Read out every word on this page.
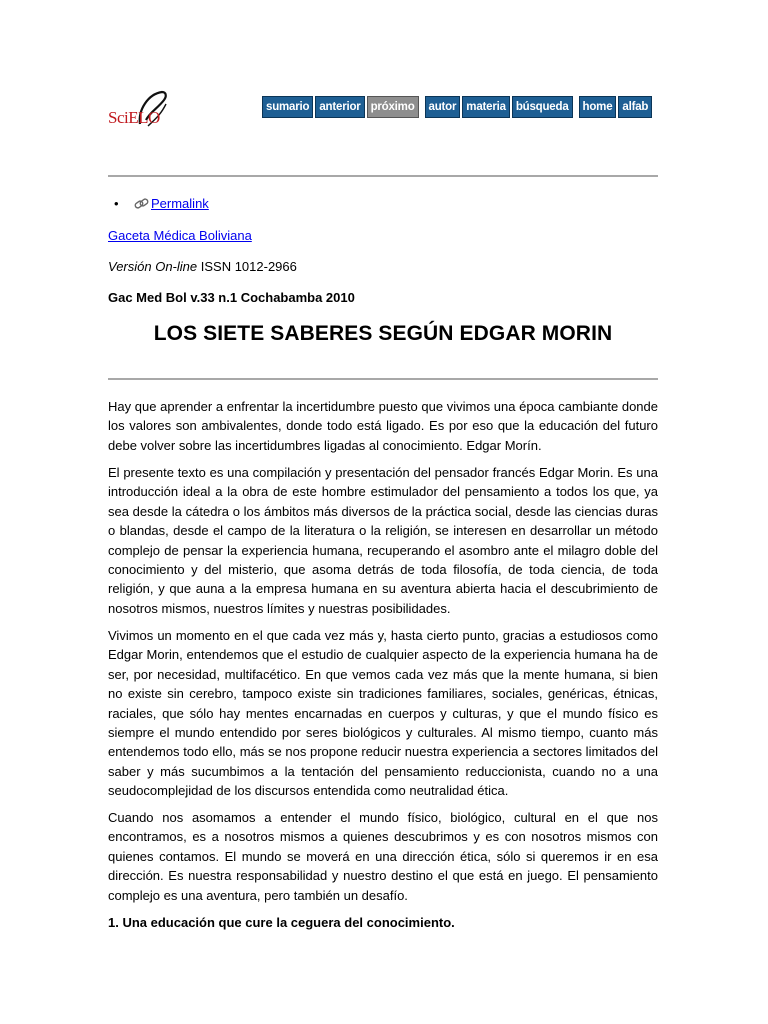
SciELO
sumario anterior próximo	autor materia búsqueda	home alfab
• Permalink
Gaceta Médica Boliviana
Versión On-line ISSN 1012-2966
Gac Med Bol v.33 n.1 Cochabamba 2010
LOS SIETE SABERES SEGÚN EDGAR MORIN

Hay que aprender a enfrentar la incertidumbre puesto que vivimos una época cambiante donde los valores son ambivalentes, donde todo está ligado. Es por eso que la educación del futuro debe volver sobre las incertidumbres ligadas al conocimiento. Edgar Morín.

El presente texto es una compilación y presentación del pensador francés Edgar Morin. Es una introducción ideal a la obra de este hombre estimulador del pensamiento a todos los que, ya sea desde la cátedra o los ámbitos más diversos de la práctica social, desde las ciencias duras o blandas, desde el campo de la literatura o la religión, se interesen en desarrollar un método complejo de pensar la experiencia humana, recuperando el asombro ante el milagro doble del conocimiento y del misterio, que asoma detrás de toda filosofía, de toda ciencia, de toda religión, y que auna a la empresa humana en su aventura abierta hacia el descubrimiento de nosotros mismos, nuestros límites y nuestras posibilidades.

Vivimos un momento en el que cada vez más y, hasta cierto punto, gracias a estudiosos como Edgar Morin, entendemos que el estudio de cualquier aspecto de la experiencia humana ha de ser, por necesidad, multifacético. En que vemos cada vez más que la mente humana, si bien no existe sin cerebro, tampoco existe sin tradiciones familiares, sociales, genéricas, étnicas, raciales, que sólo hay mentes encarnadas en cuerpos y culturas, y que el mundo físico es siempre el mundo entendido por seres biológicos y culturales. Al mismo tiempo, cuanto más entendemos todo ello, más se nos propone reducir nuestra experiencia a sectores limitados del saber y más sucumbimos a la tentación del pensamiento reduccionista, cuando no a una seudocomplejidad de los discursos entendida como neutralidad ética.

Cuando nos asomamos a entender el mundo físico, biológico, cultural en el que nos encontramos, es a nosotros mismos a quienes descubrimos y es con nosotros mismos con quienes contamos. El mundo se moverá en una dirección ética, sólo si queremos ir en esa dirección. Es nuestra responsabilidad y nuestro destino el que está en juego. El pensamiento complejo es una aventura, pero también un desafío.

1. Una educación que cure la ceguera del conocimiento.
